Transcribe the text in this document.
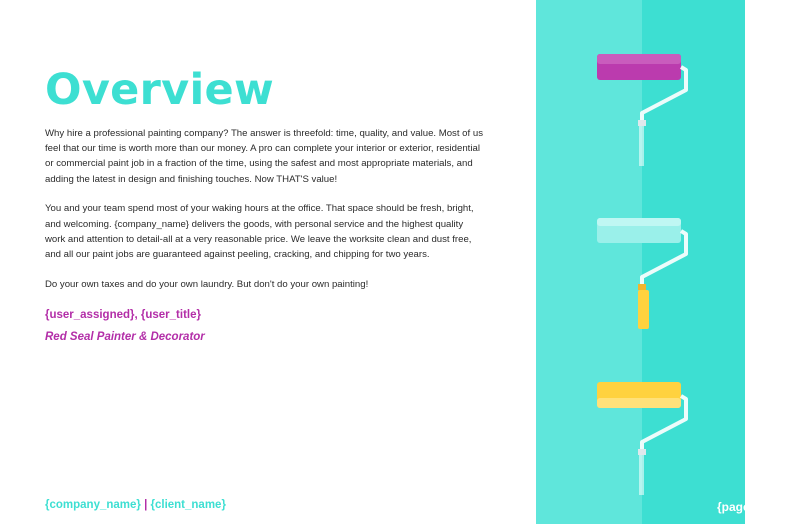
Overview

Why hire a professional painting company? The answer is threefold: time, quality, and value. Most of us feel that our time is worth more than our money. A pro can complete your interior or exterior, residential or commercial paint job in a fraction of the time, using the safest and most appropriate materials, and adding the latest in design and finishing touches. Now THAT'S value!

You and your team spend most of your waking hours at the office. That space should be fresh, bright, and welcoming. {company_name} delivers the goods, with personal service and the highest quality work and attention to detail-all at a very reasonable price. We leave the worksite clean and dust free, and all our paint jobs are guaranteed against peeling, cracking, and chipping for two years.

Do your own taxes and do your own laundry. But don't do your own painting!

{user_assigned}, {user_title}
Red Seal Painter & Decorator
{company_name} | {client_name}	{page_number}
